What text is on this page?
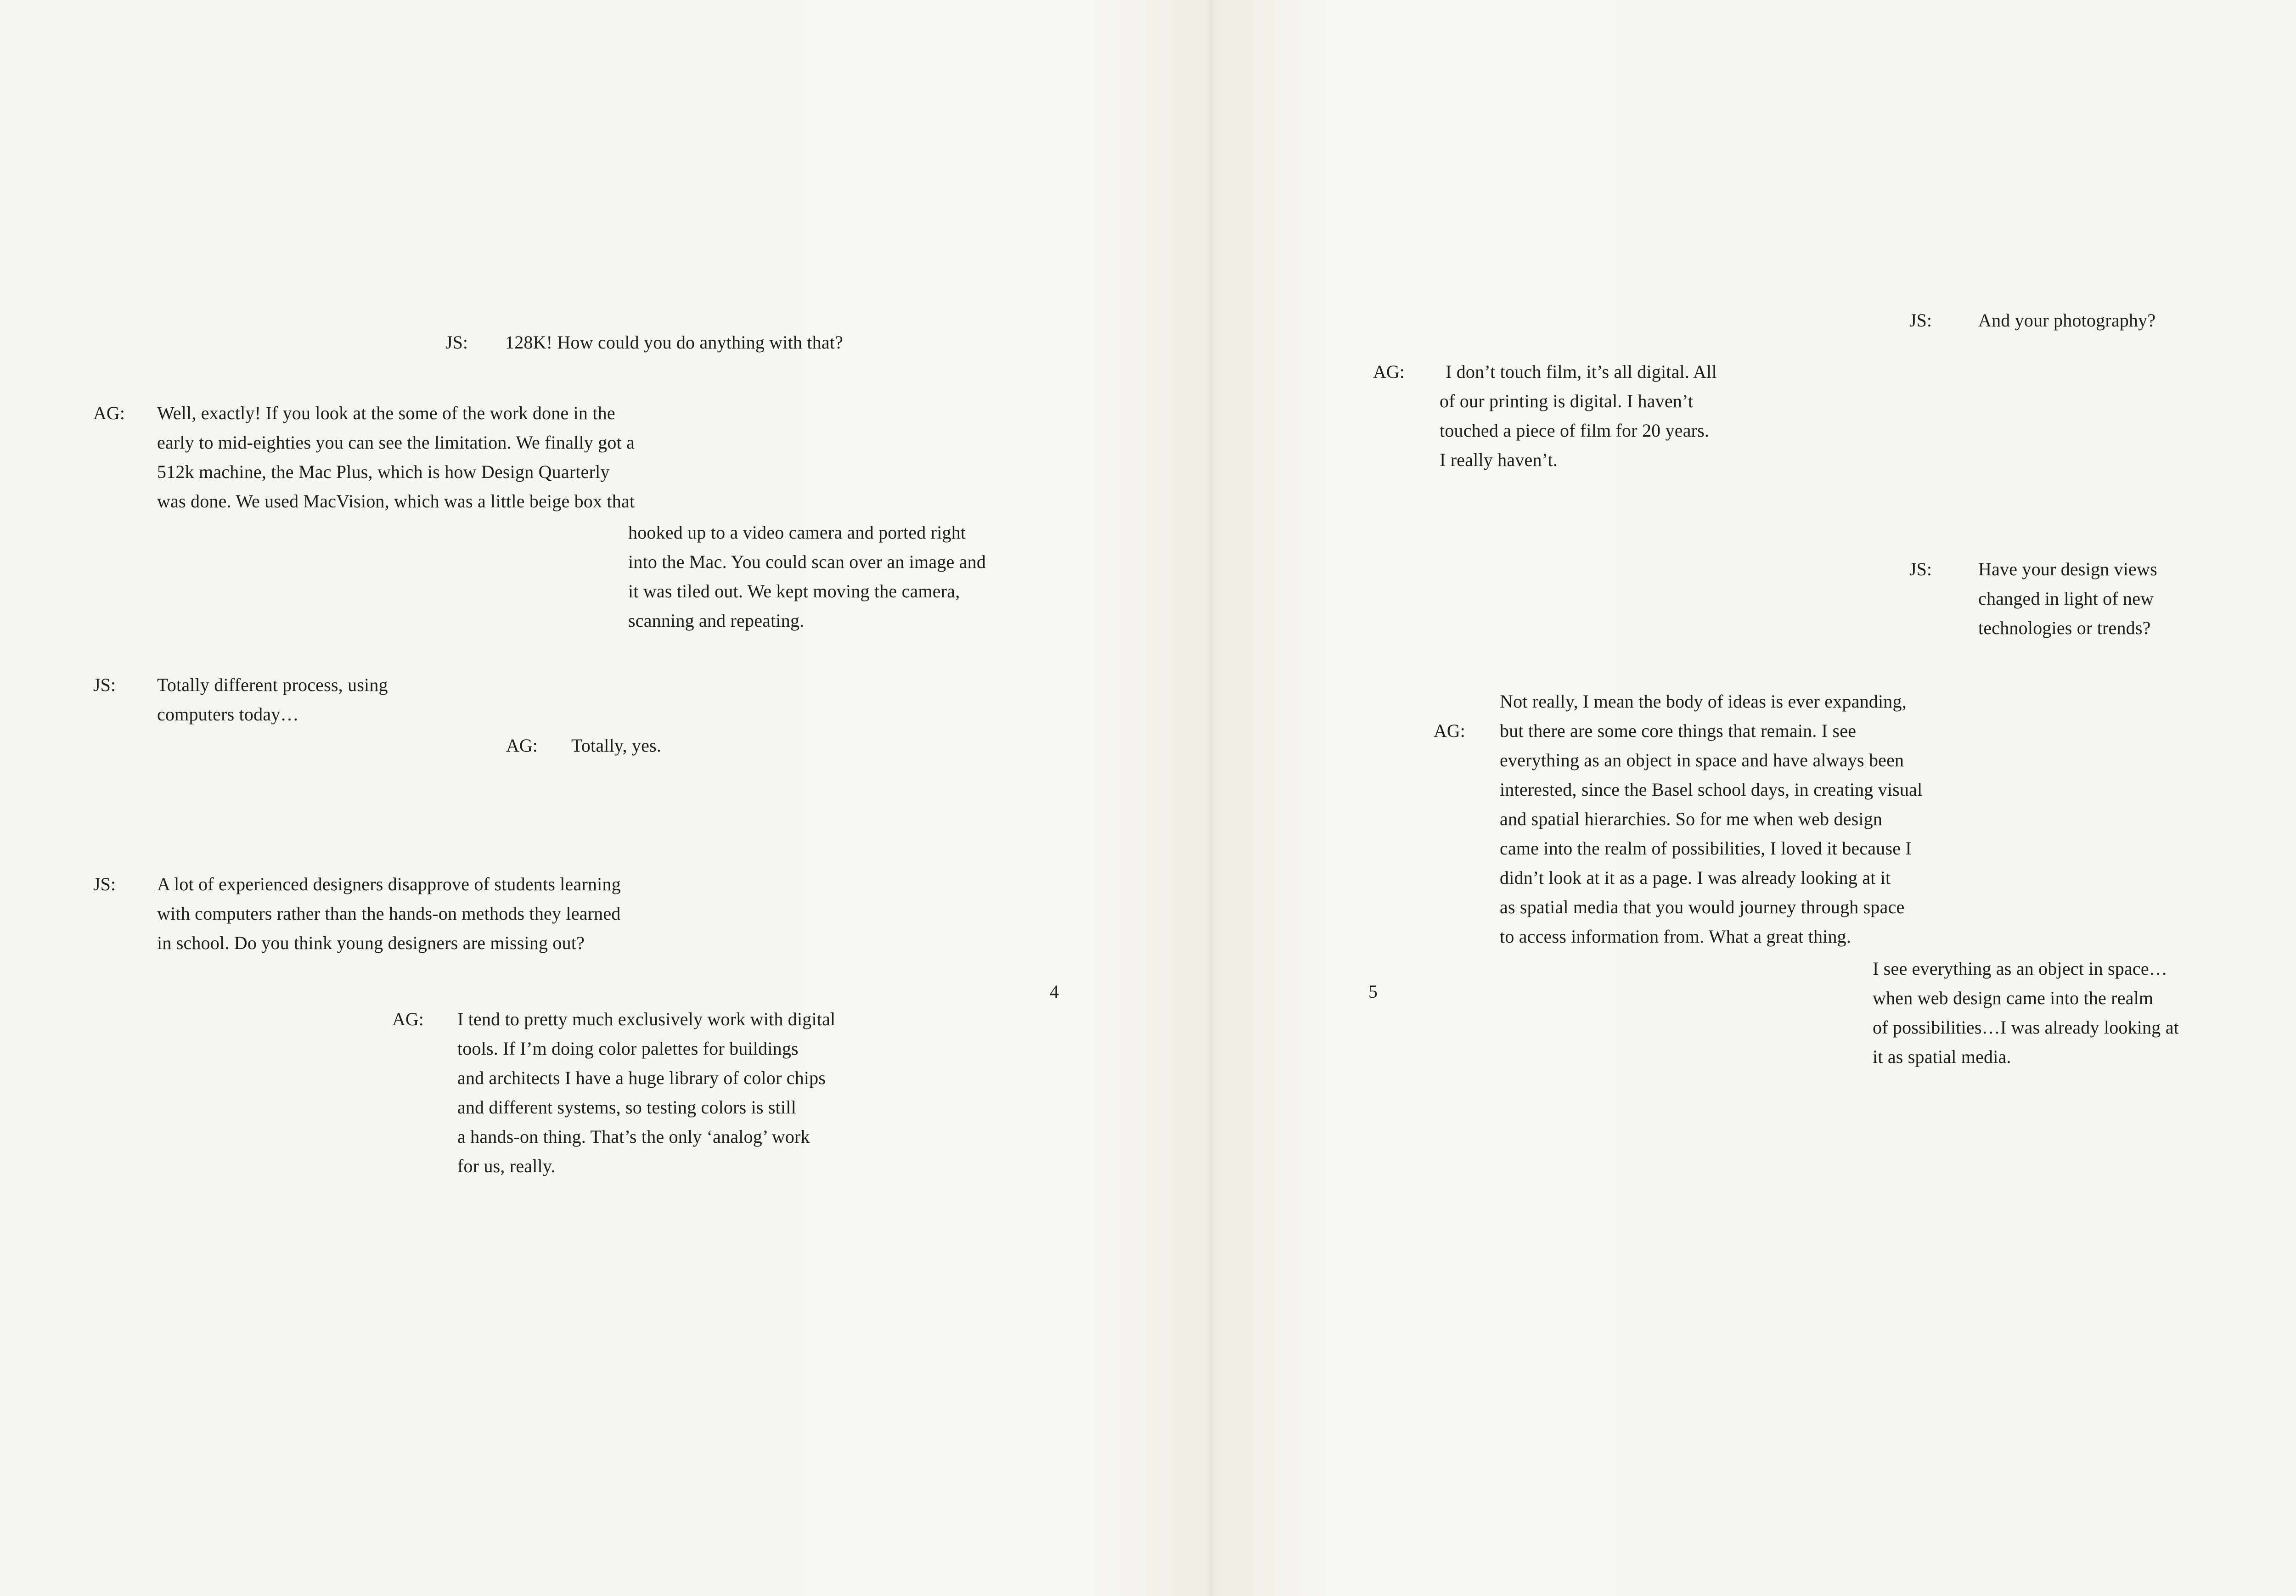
JS: 128K! How could you do anything with that?
AG: Well, exactly! If you look at the some of the work done in the
early to mid-eighties you can see the limitation. We finally got a
512k machine, the Mac Plus, which is how Design Quarterly
was done. We used MacVision, which was a little beige box that
hooked up to a video camera and ported right
into the Mac. You could scan over an image and
it was tiled out. We kept moving the camera,
scanning and repeating.
JS: Totally different process, using
computers today…
AG: Totally, yes.
JS: A lot of experienced designers disapprove of students learning
with computers rather than the hands-on methods they learned
in school. Do you think young designers are missing out?
AG: I tend to pretty much exclusively work with digital
tools. If I’m doing color palettes for buildings
and architects I have a huge library of color chips
and different systems, so testing colors is still
a hands-on thing. That’s the only ‘analog’ work
for us, really.
4
JS:	And your photography?
AG: I don’t touch film, it’s all digital. All
of our printing is digital. I haven’t
touched a piece of film for 20 years.
I really haven’t.
JS:	Have your design views
changed in light of new
technologies or trends?
AG:
Not really, I mean the body of ideas is ever expanding,
but there are some core things that remain. I see
everything as an object in space and have always been
interested, since the Basel school days, in creating visual
and spatial hierarchies. So for me when web design
came into the realm of possibilities, I loved it because I
didn’t look at it as a page. I was already looking at it
as spatial media that you would journey through space
to access information from. What a great thing.
I see everything as an object in space…
when web design came into the realm
of possibilities…I was already looking at
it as spatial media.
5
